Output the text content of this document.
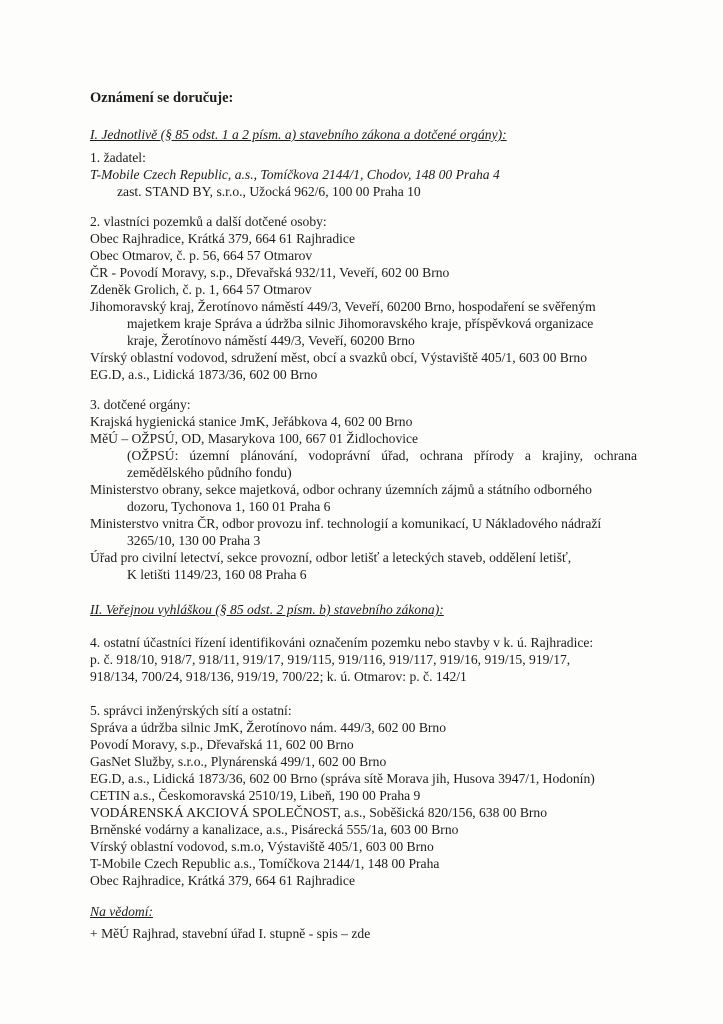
Oznámení se doručuje:

I. Jednotlivě (§ 85 odst. 1 a 2 písm. a) stavebního zákona a dotčené orgány):

1. žadatel:

T-Mobile Czech Republic, a.s., Tomíčkova 2144/1, Chodov, 148 00 Praha 4

zast. STAND BY, s.r.o., Užocká 962/6, 100 00 Praha 10

2. vlastníci pozemků a další dotčené osoby:

Obec Rajhradice, Krátká 379, 664 61 Rajhradice

Obec Otmarov, č. p. 56, 664 57 Otmarov

ČR - Povodí Moravy, s.p., Dřevařská 932/11, Veveří, 602 00 Brno

Zdeněk Grolich, č. p. 1, 664 57 Otmarov

Jihomoravský kraj, Žerotínovo náměstí 449/3, Veveří, 60200 Brno, hospodaření se svěřeným

majetkem kraje Správa a údržba silnic Jihomoravského kraje, příspěvková organizace

kraje, Žerotínovo náměstí 449/3, Veveří, 60200 Brno

Vírský oblastní vodovod, sdružení měst, obcí a svazků obcí, Výstaviště 405/1, 603 00 Brno

EG.D, a.s., Lidická 1873/36, 602 00 Brno

3. dotčené orgány:

Krajská hygienická stanice JmK, Jeřábkova 4, 602 00 Brno

MěÚ – OŽPSÚ, OD, Masarykova 100, 667 01 Židlochovice

(OŽPSÚ: územní plánování, vodoprávní úřad, ochrana přírody a krajiny, ochrana

zemědělského půdního fondu)

Ministerstvo obrany, sekce majetková, odbor ochrany územních zájmů a státního odborného

dozoru, Tychonova 1, 160 01 Praha 6

Ministerstvo vnitra ČR, odbor provozu inf. technologií a komunikací, U Nákladového nádraží

3265/10, 130 00 Praha 3

Úřad pro civilní letectví, sekce provozní, odbor letišť a leteckých staveb, oddělení letišť,

K letišti 1149/23, 160 08 Praha 6

II. Veřejnou vyhláškou (§ 85 odst. 2 písm. b) stavebního zákona):

4. ostatní účastníci řízení identifikováni označením pozemku nebo stavby v k. ú. Rajhradice:

p. č. 918/10, 918/7, 918/11, 919/17, 919/115, 919/116, 919/117, 919/16, 919/15, 919/17,

918/134, 700/24, 918/136, 919/19, 700/22; k. ú. Otmarov: p. č. 142/1

5. správci inženýrských sítí a ostatní:

Správa a údržba silnic JmK, Žerotínovo nám. 449/3, 602 00 Brno

Povodí Moravy, s.p., Dřevařská 11, 602 00 Brno

GasNet Služby, s.r.o., Plynárenská 499/1, 602 00 Brno

EG.D, a.s., Lidická 1873/36, 602 00 Brno (správa sítě Morava jih, Husova 3947/1, Hodonín)

CETIN a.s., Českomoravská 2510/19, Libeň, 190 00 Praha 9

VODÁRENSKÁ AKCIOVÁ SPOLEČNOST, a.s., Soběšická 820/156, 638 00 Brno

Brněnské vodárny a kanalizace, a.s., Pisárecká 555/1a, 603 00 Brno

Vírský oblastní vodovod, s.m.o, Výstaviště 405/1, 603 00 Brno

T-Mobile Czech Republic a.s., Tomíčkova 2144/1, 148 00 Praha

Obec Rajhradice, Krátká 379, 664 61 Rajhradice

Na vědomí:

+ MěÚ Rajhrad, stavební úřad I. stupně - spis – zde
